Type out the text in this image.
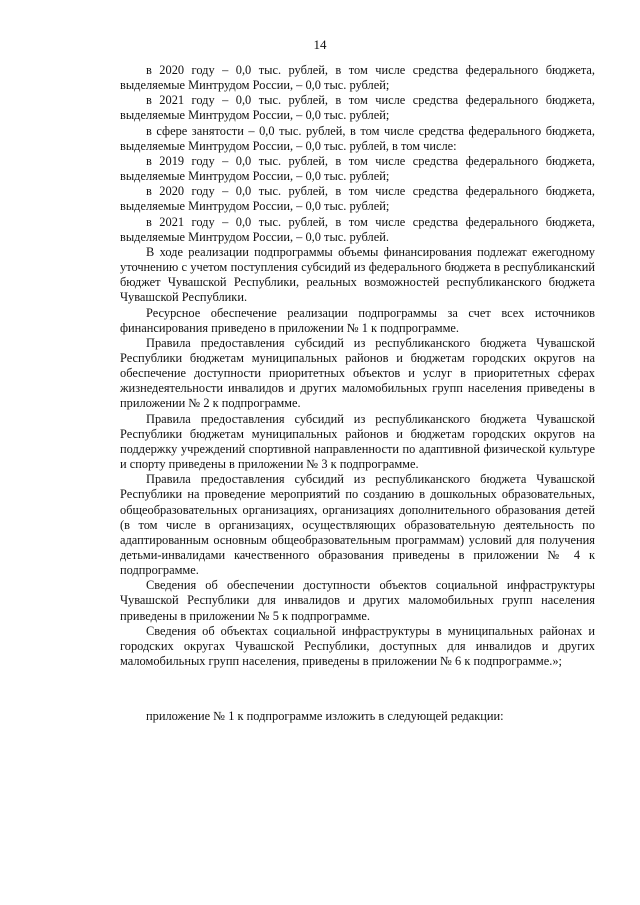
14

в 2020 году – 0,0 тыс. рублей, в том числе средства федерального бюджета, выделяемые Минтрудом России, – 0,0 тыс. рублей;

в 2021 году – 0,0 тыс. рублей, в том числе средства федерального бюджета, выделяемые Минтрудом России, – 0,0 тыс. рублей;

в сфере занятости – 0,0 тыс. рублей, в том числе средства федерального бюджета, выделяемые Минтрудом России, – 0,0 тыс. рублей, в том числе:

в 2019 году – 0,0 тыс. рублей, в том числе средства федерального бюджета, выделяемые Минтрудом России, – 0,0 тыс. рублей;

в 2020 году – 0,0 тыс. рублей, в том числе средства федерального бюджета, выделяемые Минтрудом России, – 0,0 тыс. рублей;

в 2021 году – 0,0 тыс. рублей, в том числе средства федерального бюджета, выделяемые Минтрудом России, – 0,0 тыс. рублей.

В ходе реализации подпрограммы объемы финансирования подлежат ежегодному уточнению с учетом поступления субсидий из федерального бюджета в республиканский бюджет Чувашской Республики, реальных возможностей республиканского бюджета Чувашской Республики.

Ресурсное обеспечение реализации подпрограммы за счет всех источников финансирования приведено в приложении № 1 к подпрограмме.

Правила предоставления субсидий из республиканского бюджета Чувашской Республики бюджетам муниципальных районов и бюджетам городских округов на обеспечение доступности приоритетных объектов и услуг в приоритетных сферах жизнедеятельности инвалидов и других маломобильных групп населения приведены в приложении № 2 к подпрограмме.

Правила предоставления субсидий из республиканского бюджета Чувашской Республики бюджетам муниципальных районов и бюджетам городских округов на поддержку учреждений спортивной направленности по адаптивной физической культуре и спорту приведены в приложении № 3 к подпрограмме.

Правила предоставления субсидий из республиканского бюджета Чувашской Республики на проведение мероприятий по созданию в дошкольных образовательных, общеобразовательных организациях, организациях дополнительного образования детей (в том числе в организациях, осуществляющих образовательную деятельность по адаптированным основным общеобразовательным программам) условий для получения детьми-инвалидами качественного образования приведены в приложении № 4 к подпрограмме.

Сведения об обеспечении доступности объектов социальной инфраструктуры Чувашской Республики для инвалидов и других маломобильных групп населения приведены в приложении № 5 к подпрограмме.

Сведения об объектах социальной инфраструктуры в муниципальных районах и городских округах Чувашской Республики, доступных для инвалидов и других маломобильных групп населения, приведены в приложении № 6 к подпрограмме.»;

приложение № 1 к подпрограмме изложить в следующей редакции:
